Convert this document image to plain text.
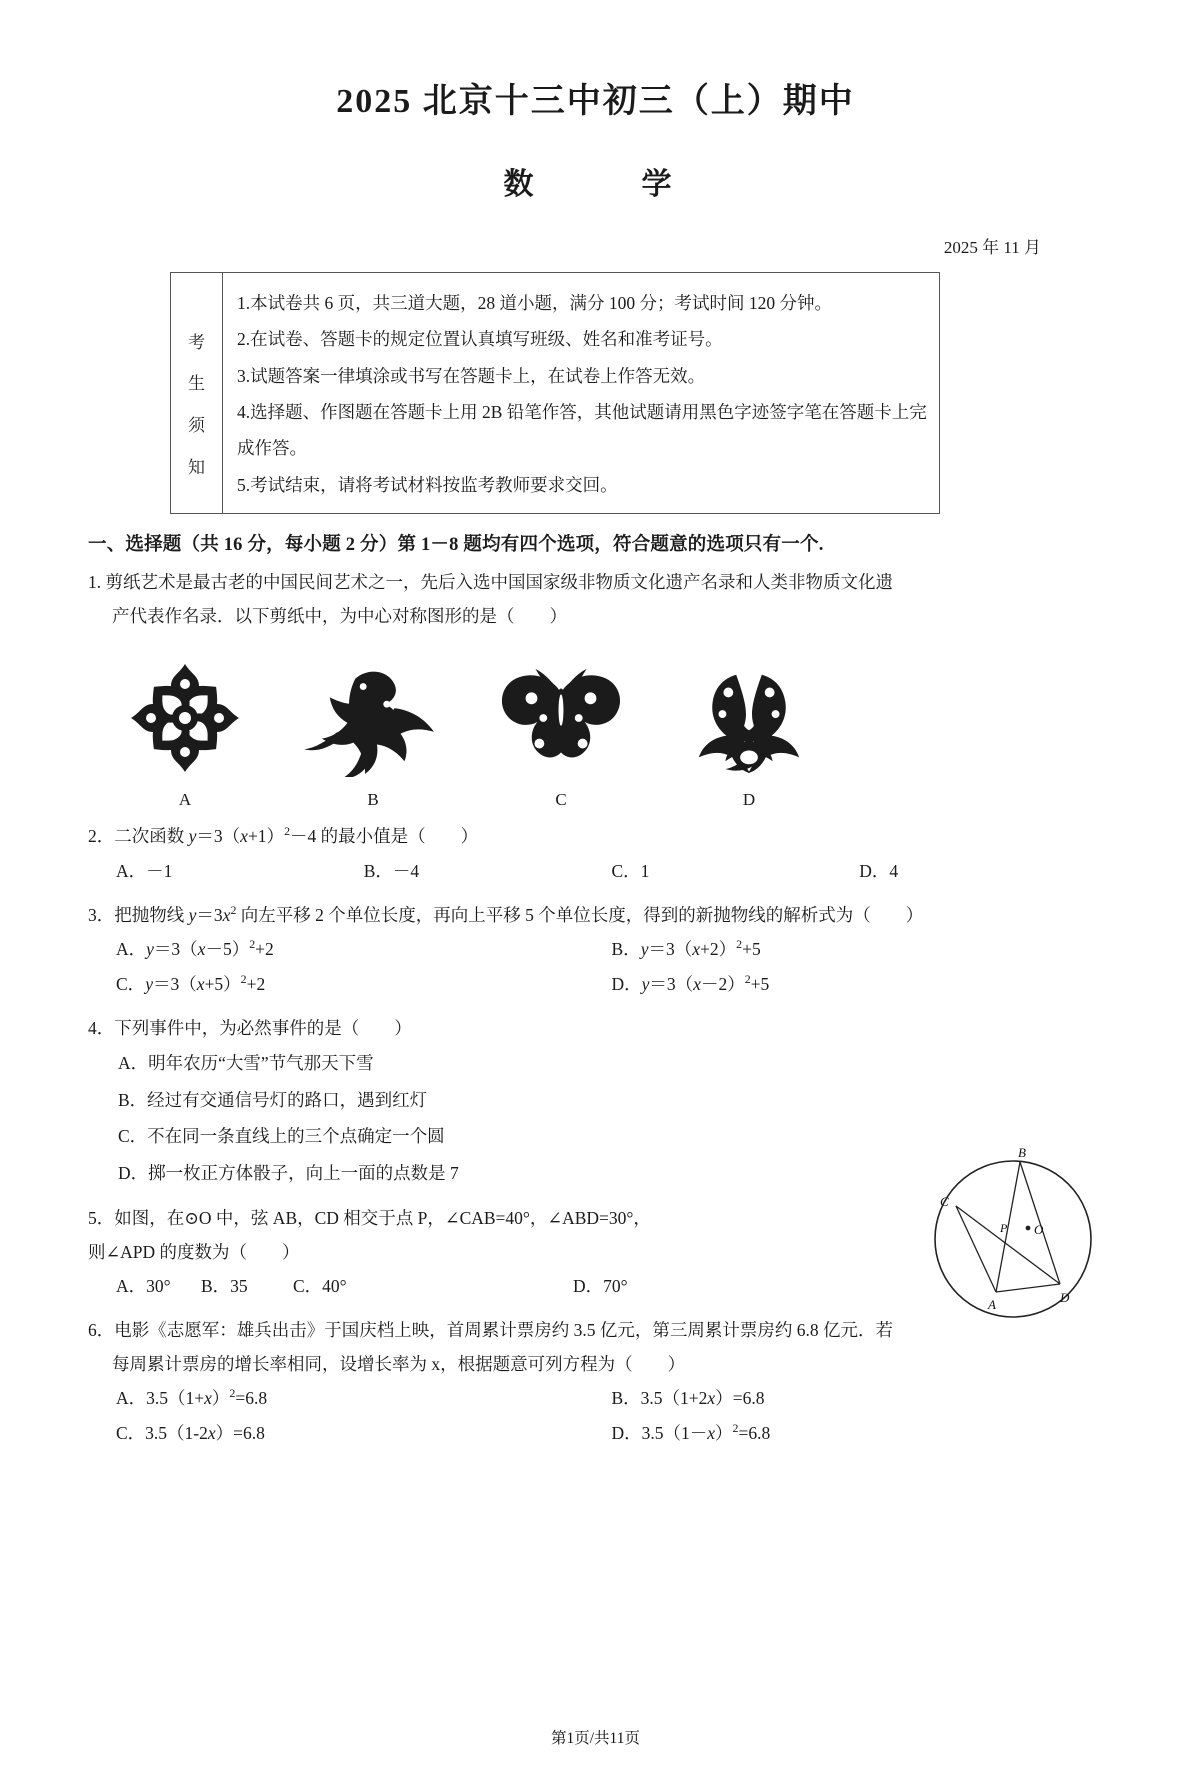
2025 北京十三中初三（上）期中
数　　学
2025 年 11 月
考
生
须
知

1.本试卷共 6 页，共三道大题，28 道小题，满分 100 分；考试时间 120 分钟。

2.在试卷、答题卡的规定位置认真填写班级、姓名和准考证号。

3.试题答案一律填涂或书写在答题卡上，在试卷上作答无效。

4.选择题、作图题在答题卡上用 2B 铅笔作答，其他试题请用黑色字迹签字笔在答题卡上完成作答。

5.考试结束，请将考试材料按监考教师要求交回。

一、选择题（共 16 分，每小题 2 分）第 1－8 题均有四个选项，符合题意的选项只有一个.

1. 剪纸艺术是最古老的中国民间艺术之一，先后入选中国国家级非物质文化遗产名录和人类非物质文化遗

产代表作名录．以下剪纸中，为中心对称图形的是（　　）

A	B	C	D

2．二次函数 $y=3(x+1)^2-4$ 的最小值是（　　）

A．－1	B．－4	C．1	D．4

3．把抛物线 $y=3x^2$ 向左平移 2 个单位长度，再向上平移 5 个单位长度，得到的新抛物线的解析式为（　　）

A．$y=3(x-5)^2+2$	B．$y=3(x+2)^2+5$
C．$y=3(x+5)^2+2$	D．$y=3(x-2)^2+5$

4．下列事件中，为必然事件的是（　　）

A．明年农历“大雪”节气那天下雪

B．经过有交通信号灯的路口，遇到红灯

C．不在同一条直线上的三个点确定一个圆

D．掷一枚正方体骰子，向上一面的点数是 7

5．如图，在⊙O 中，弦 AB，CD 相交于点 P，∠CAB=40°，∠ABD=30°，

则∠APD 的度数为（　　）

A．30°	B．35	C．40°	D．70°

6．电影《志愿军：雄兵出击》于国庆档上映，首周累计票房约 3.5 亿元，第三周累计票房约 6.8 亿元．若

每周累计票房的增长率相同，设增长率为 x，根据题意可列方程为（　　）

A．$3.5(1+x)^2=6.8$	B．3.5（1+2x）=6.8
C．3.5（1-2x）=6.8	D．$3.5(1-x)^2=6.8$
B
C
O
P
A	D
第1页/共11页
